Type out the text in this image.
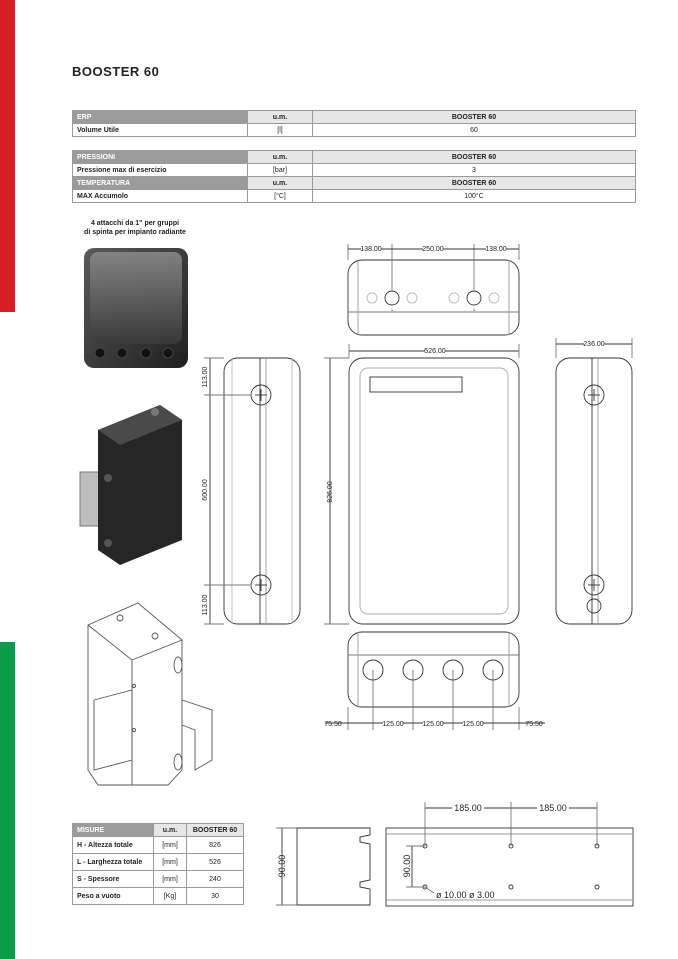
BOOSTER 60
ERP	u.m.	BOOSTER 60
Volume Utile	[l]	60
PRESSIONI	u.m.	BOOSTER 60
Pressione max di esercizio	[bar]	3
TEMPERATURA	u.m.	BOOSTER 60
MAX Accumolo	[°C]	100°C
4 attacchi da 1" per gruppi
di spinta per impianto radiante
138.00	250.00	138.00
1	1
526.00
236.00
113.00
600.00
113.00
826.00
75.50	125.00	125.00	125.00	75.50
185.00	185.00
90.00	90.00
ø 10.00 ø 3.00
MISURE	u.m.	BOOSTER 60
H - Altezza totale	[mm]	826
L - Larghezza totale	[mm]	526
S - Spessore	[mm]	240
Peso a vuoto	[Kg]	30
